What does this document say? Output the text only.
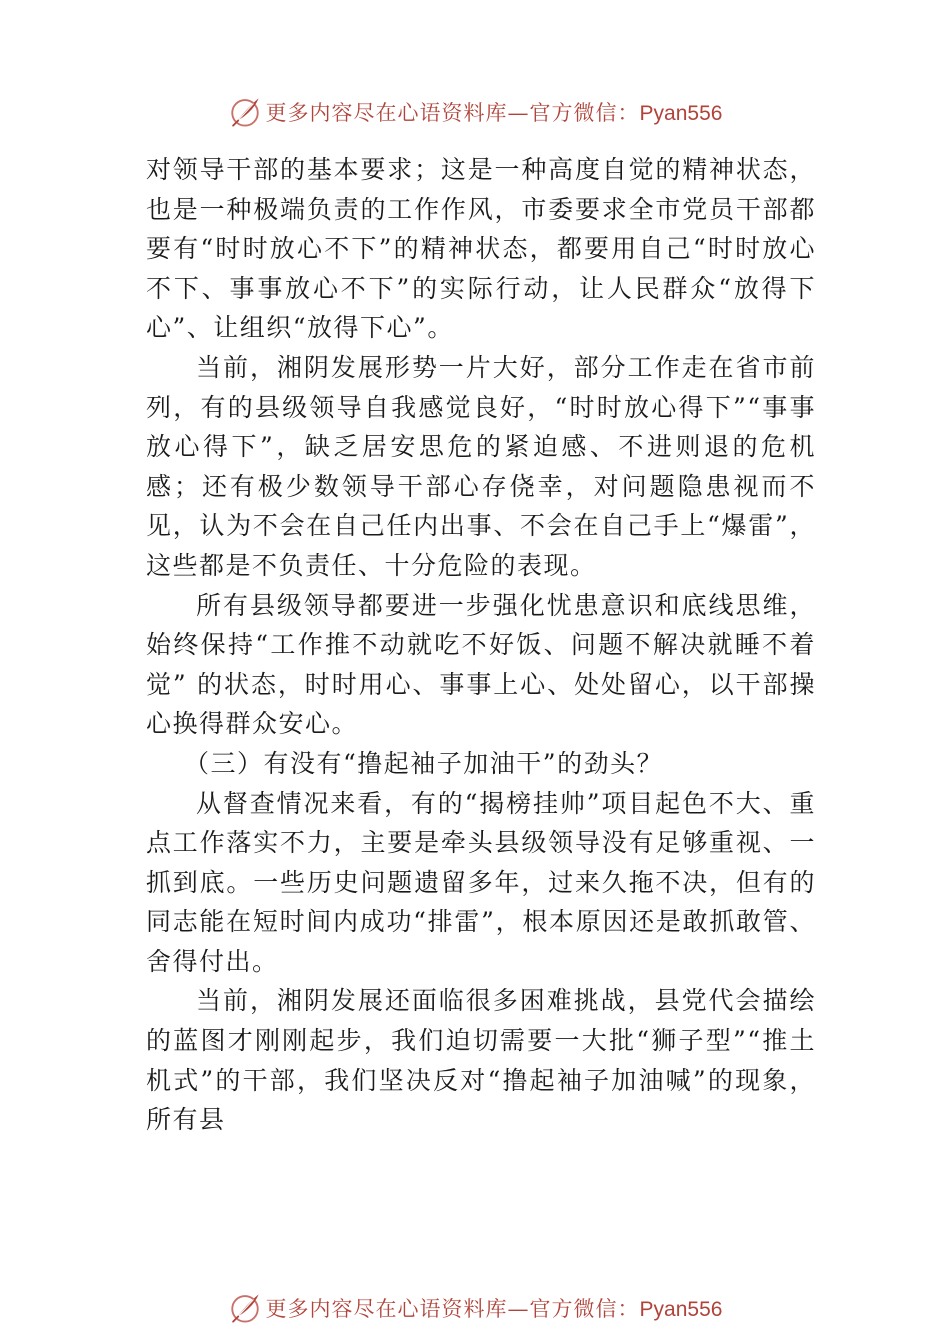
更多内容尽在心语资料库—官方微信：Pyan556

对领导干部的基本要求；这是一种高度自觉的精神状态，也是一种极端负责的工作作风，市委要求全市党员干部都要有“时时放心不下”的精神状态，都要用自己“时时放心不下、事事放心不下”的实际行动，让人民群众“放得下心”、让组织“放得下心”。

当前，湘阴发展形势一片大好，部分工作走在省市前列，有的县级领导自我感觉良好，“时时放心得下”“事事放心得下”，缺乏居安思危的紧迫感、不进则退的危机感；还有极少数领导干部心存侥幸，对问题隐患视而不见，认为不会在自己任内出事、不会在自己手上“爆雷”，这些都是不负责任、十分危险的表现。

所有县级领导都要进一步强化忧患意识和底线思维，始终保持“工作推不动就吃不好饭、问题不解决就睡不着觉” 的状态，时时用心、事事上心、处处留心，以干部操心换得群众安心。

（三）有没有“撸起袖子加油干”的劲头？

从督查情况来看，有的“揭榜挂帅”项目起色不大、重点工作落实不力，主要是牵头县级领导没有足够重视、一抓到底。一些历史问题遗留多年，过来久拖不决，但有的同志能在短时间内成功“排雷”，根本原因还是敢抓敢管、舍得付出。

当前，湘阴发展还面临很多困难挑战，县党代会描绘的蓝图才刚刚起步，我们迫切需要一大批“狮子型”“推土机式”的干部，我们坚决反对“撸起袖子加油喊”的现象，所有县

更多内容尽在心语资料库—官方微信：Pyan556
